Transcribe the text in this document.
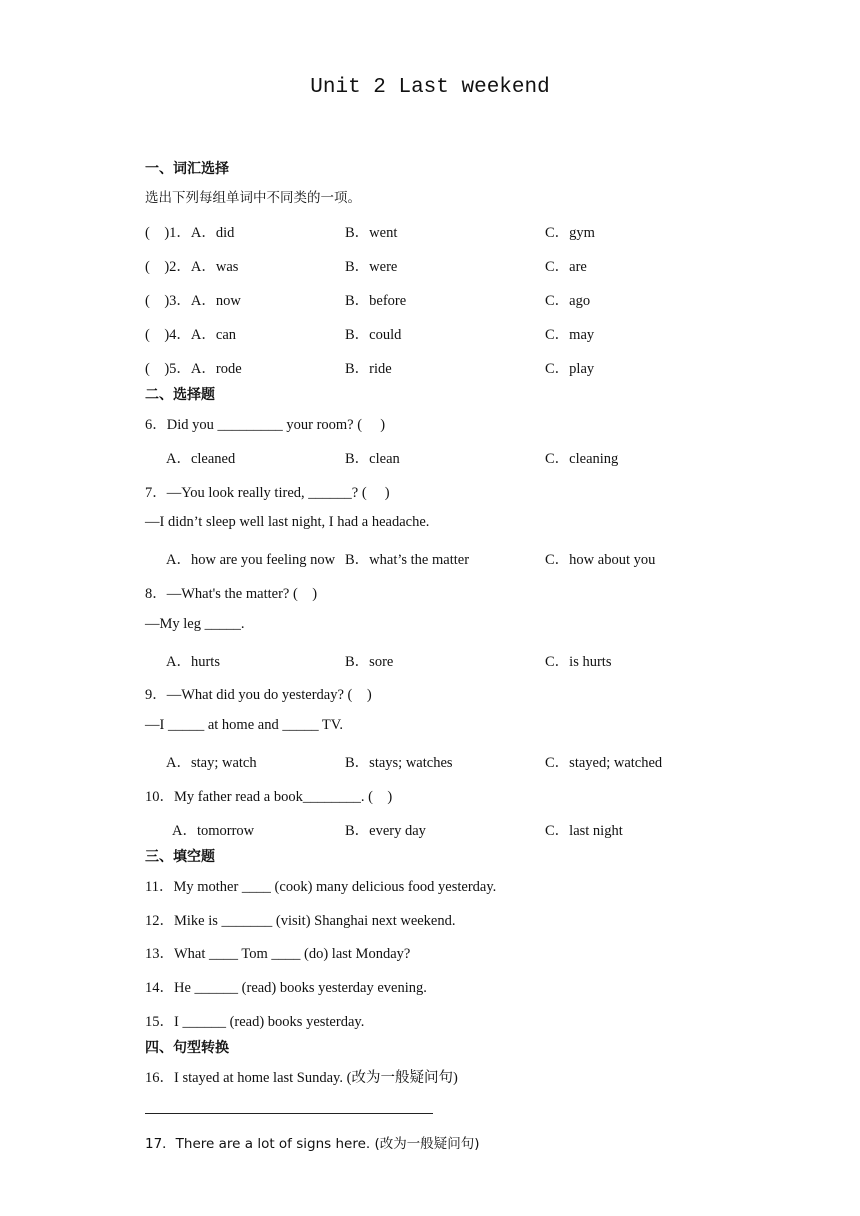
Unit 2 Last weekend
一、词汇选择
选出下列每组单词中不同类的一项。
(　)1．A．did	B．went	C．gym
(　)2．A．was	B．were	C．are
(　)3．A．now	B．before	C．ago
(　)4．A．can	B．could	C．may
(　)5．A．rode	B．ride	C．play
二、选择题
6．Did you _________ your room? (　 )
A．cleaned	B．clean	C．cleaning
7．—You look really tired, ______? (　 )
—I didn’t sleep well last night, I had a headache.
A．how are you feeling now B．what’s the matter	C．how about you
8．—What's the matter? (　)
—My leg _____.
A．hurts	B．sore	C．is hurts
9．—What did you do yesterday? (　)
—I _____ at home and _____ TV.
A．stay; watch	B．stays; watches	C．stayed; watched
10．My father read a book________. (　)
A．tomorrow	B．every day	C．last night
三、填空题
11．My mother ____ (cook) many delicious food yesterday.
12．Mike is _______ (visit) Shanghai next weekend.
13．What ____ Tom ____ (do) last Monday?
14．He ______ (read) books yesterday evening.
15．I ______ (read) books yesterday.
四、句型转换
16．I stayed at home last Sunday. (改为一般疑问句)
17．There are a lot of signs here. (改为一般疑问句)
